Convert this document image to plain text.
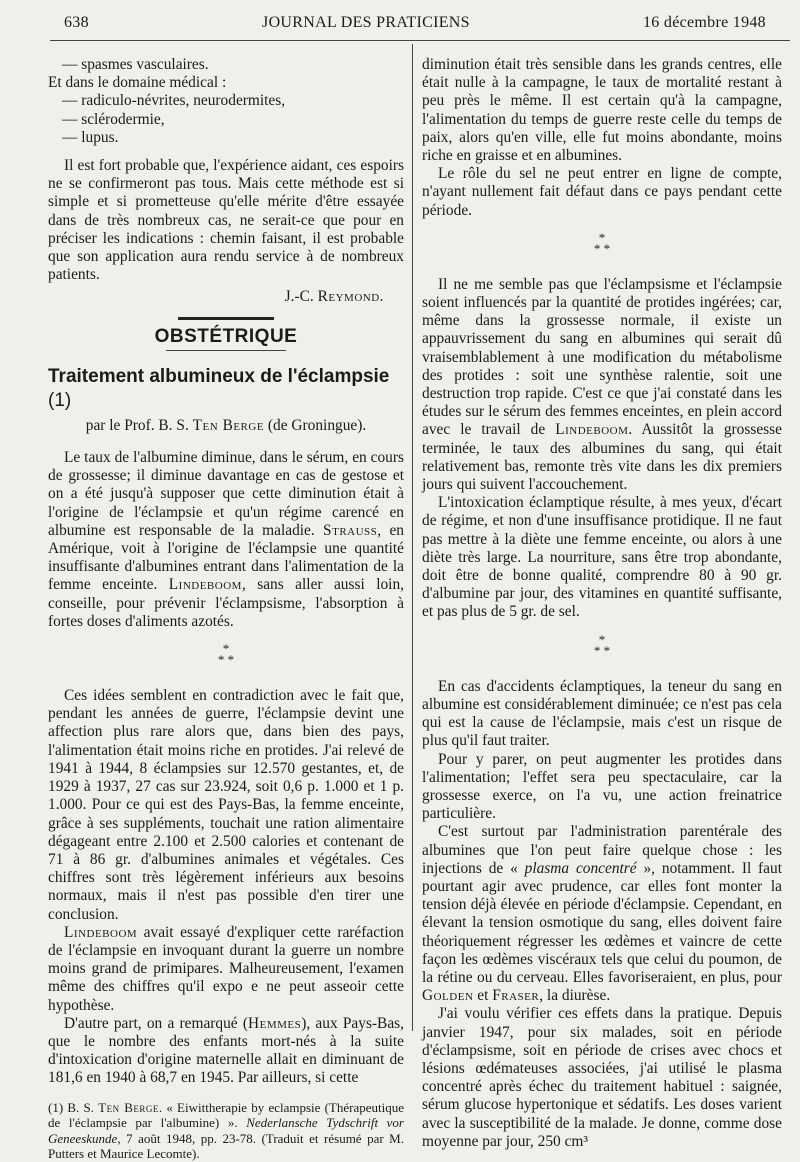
638	JOURNAL DES PRATICIENS	16 décembre 1948

— spasmes vasculaires.

Et dans le domaine médical :

— radiculo-névrites, neurodermites,

— sclérodermie,

— lupus.

Il est fort probable que, l'expérience aidant, ces espoirs ne se confirmeront pas tous. Mais cette méthode est si simple et si prometteuse qu'elle mérite d'être essayée dans de très nombreux cas, ne serait-ce que pour en préciser les indications : chemin faisant, il est probable que son application aura rendu service à de nombreux patients.

J.-C. Reymond.

OBSTÉTRIQUE
Traitement albumineux de l'éclampsie (1)

par le Prof. B. S. Ten Berge (de Groningue).

Le taux de l'albumine diminue, dans le sérum, en cours de grossesse; il diminue davantage en cas de gestose et on a été jusqu'à supposer que cette diminution était à l'origine de l'éclampsie et qu'un régime carencé en albumine est responsable de la maladie. Strauss, en Amérique, voit à l'origine de l'éclampsie une quantité insuffisante d'albumines entrant dans l'alimentation de la femme enceinte. Lindeboom, sans aller aussi loin, conseille, pour prévenir l'éclampsisme, l'absorption à fortes doses d'aliments azotés.

*
* *

Ces idées semblent en contradiction avec le fait que, pendant les années de guerre, l'éclampsie devint une affection plus rare alors que, dans bien des pays, l'alimentation était moins riche en protides. J'ai relevé de 1941 à 1944, 8 éclampsies sur 12.570 gestantes, et, de 1929 à 1937, 27 cas sur 23.924, soit 0,6 p. 1.000 et 1 p. 1.000. Pour ce qui est des Pays-Bas, la femme enceinte, grâce à ses suppléments, touchait une ration alimentaire dégageant entre 2.100 et 2.500 calories et contenant de 71 à 86 gr. d'albumines animales et végétales. Ces chiffres sont très légèrement inférieurs aux besoins normaux, mais il n'est pas possible d'en tirer une conclusion.

Lindeboom avait essayé d'expliquer cette raréfaction de l'éclampsie en invoquant durant la guerre un nombre moins grand de primipares. Malheureusement, l'examen même des chiffres qu'il expo e ne peut asseoir cette hypothèse.

D'autre part, on a remarqué (Hemmes), aux Pays-Bas, que le nombre des enfants mort-nés à la suite d'intoxication d'origine maternelle allait en diminuant de 181,6 en 1940 à 68,7 en 1945. Par ailleurs, si cette

(1) B. S. Ten Berge. « Eiwittherapie by eclampsie (Thérapeutique de l'éclampsie par l'albumine) ». Nederlansche Tydschrift vor Geneeskunde, 7 août 1948, pp. 23-78. (Traduit et résumé par M. Putters et Maurice Lecomte).

diminution était très sensible dans les grands centres, elle était nulle à la campagne, le taux de mortalité restant à peu près le même. Il est certain qu'à la campagne, l'alimentation du temps de guerre reste celle du temps de paix, alors qu'en ville, elle fut moins abondante, moins riche en graisse et en albumines.

Le rôle du sel ne peut entrer en ligne de compte, n'ayant nullement fait défaut dans ce pays pendant cette période.

*
* *

Il ne me semble pas que l'éclampsisme et l'éclampsie soient influencés par la quantité de protides ingérées; car, même dans la grossesse normale, il existe un appauvrissement du sang en albumines qui serait dû vraisemblablement à une modification du métabolisme des protides : soit une synthèse ralentie, soit une destruction trop rapide. C'est ce que j'ai constaté dans les études sur le sérum des femmes enceintes, en plein accord avec le travail de Lindeboom. Aussitôt la grossesse terminée, le taux des albumines du sang, qui était relativement bas, remonte très vite dans les dix premiers jours qui suivent l'accouchement.

L'intoxication éclamptique résulte, à mes yeux, d'écart de régime, et non d'une insuffisance protidique. Il ne faut pas mettre à la diète une femme enceinte, ou alors à une diète très large. La nourriture, sans être trop abondante, doit être de bonne qualité, comprendre 80 à 90 gr. d'albumine par jour, des vitamines en quantité suffisante, et pas plus de 5 gr. de sel.

*
* *

En cas d'accidents éclamptiques, la teneur du sang en albumine est considérablement diminuée; ce n'est pas cela qui est la cause de l'éclampsie, mais c'est un risque de plus qu'il faut traiter.

Pour y parer, on peut augmenter les protides dans l'alimentation; l'effet sera peu spectaculaire, car la grossesse exerce, on l'a vu, une action freinatrice particulière.

C'est surtout par l'administration parentérale des albumines que l'on peut faire quelque chose : les injections de « plasma concentré », notamment. Il faut pourtant agir avec prudence, car elles font monter la tension déjà élevée en période d'éclampsie. Cependant, en élevant la tension osmotique du sang, elles doivent faire théoriquement régresser les œdèmes et vaincre de cette façon les œdèmes viscéraux tels que celui du poumon, de la rétine ou du cerveau. Elles favoriseraient, en plus, pour Golden et Fraser, la diurèse.

J'ai voulu vérifier ces effets dans la pratique. Depuis janvier 1947, pour six malades, soit en période d'éclampsisme, soit en période de crises avec chocs et lésions œdémateuses associées, j'ai utilisé le plasma concentré après échec du traitement habituel : saignée, sérum glucose hypertonique et sédatifs. Les doses varient avec la susceptibilité de la malade. Je donne, comme dose moyenne par jour, 250 cm³
